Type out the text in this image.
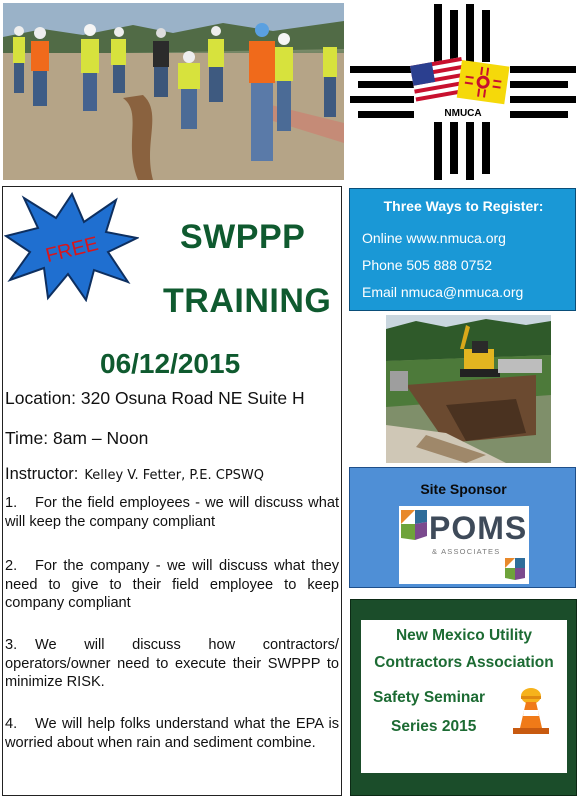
NMUCA
FREE SWPPP
TRAINING
06/12/2015
Location: 320 Osuna Road NE Suite H
Time: 8am – Noon
Instructor: Kelley V. Fetter, P.E. CPSWQ
1. For the field employees - we will discuss what will keep the company compliant
2. For the company - we will discuss what they need to give to their field employee to keep company compliant
3. We will discuss how contractors/ operators/owner need to execute their SWPPP to minimize RISK.
4. We will help folks understand what the EPA is worried about when rain and sediment combine.
Three Ways to Register:
Online www.nmuca.org
Phone 505 888 0752
Email nmuca@nmuca.org
Site Sponsor
POMS
& ASSOCIATES
New Mexico Utility
Contractors Association
Safety Seminar
Series 2015
